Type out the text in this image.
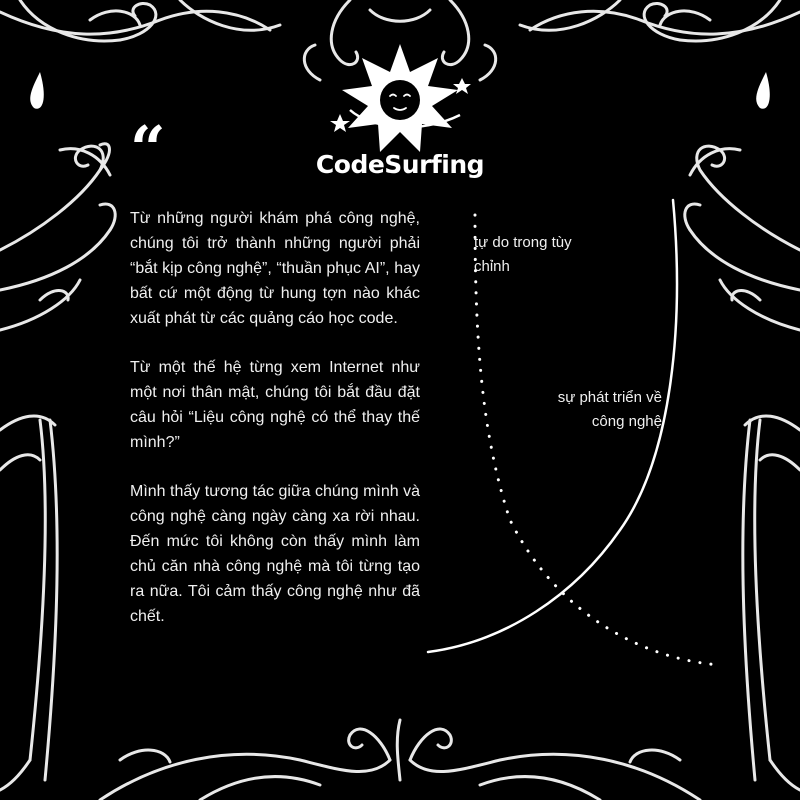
“	CodeSurfing

Từ những người khám phá công nghệ, chúng tôi trở thành những người phải “bắt kịp công nghệ”, “thuần phục AI”, hay bất cứ một động từ hung tợn nào khác xuất phát từ các quảng cáo học code.

Từ một thế hệ từng xem Internet như một nơi thân mật, chúng tôi bắt đầu đặt câu hỏi “Liệu công nghệ có thể thay thế mình?”

Mình thấy tương tác giữa chúng mình và công nghệ càng ngày càng xa rời nhau. Đến mức tôi không còn thấy mình làm chủ căn nhà công nghệ mà tôi từng tạo ra nữa. Tôi cảm thấy công nghệ như đã chết.

tự do trong tùy chỉnh
sự phát triển về công nghệ
